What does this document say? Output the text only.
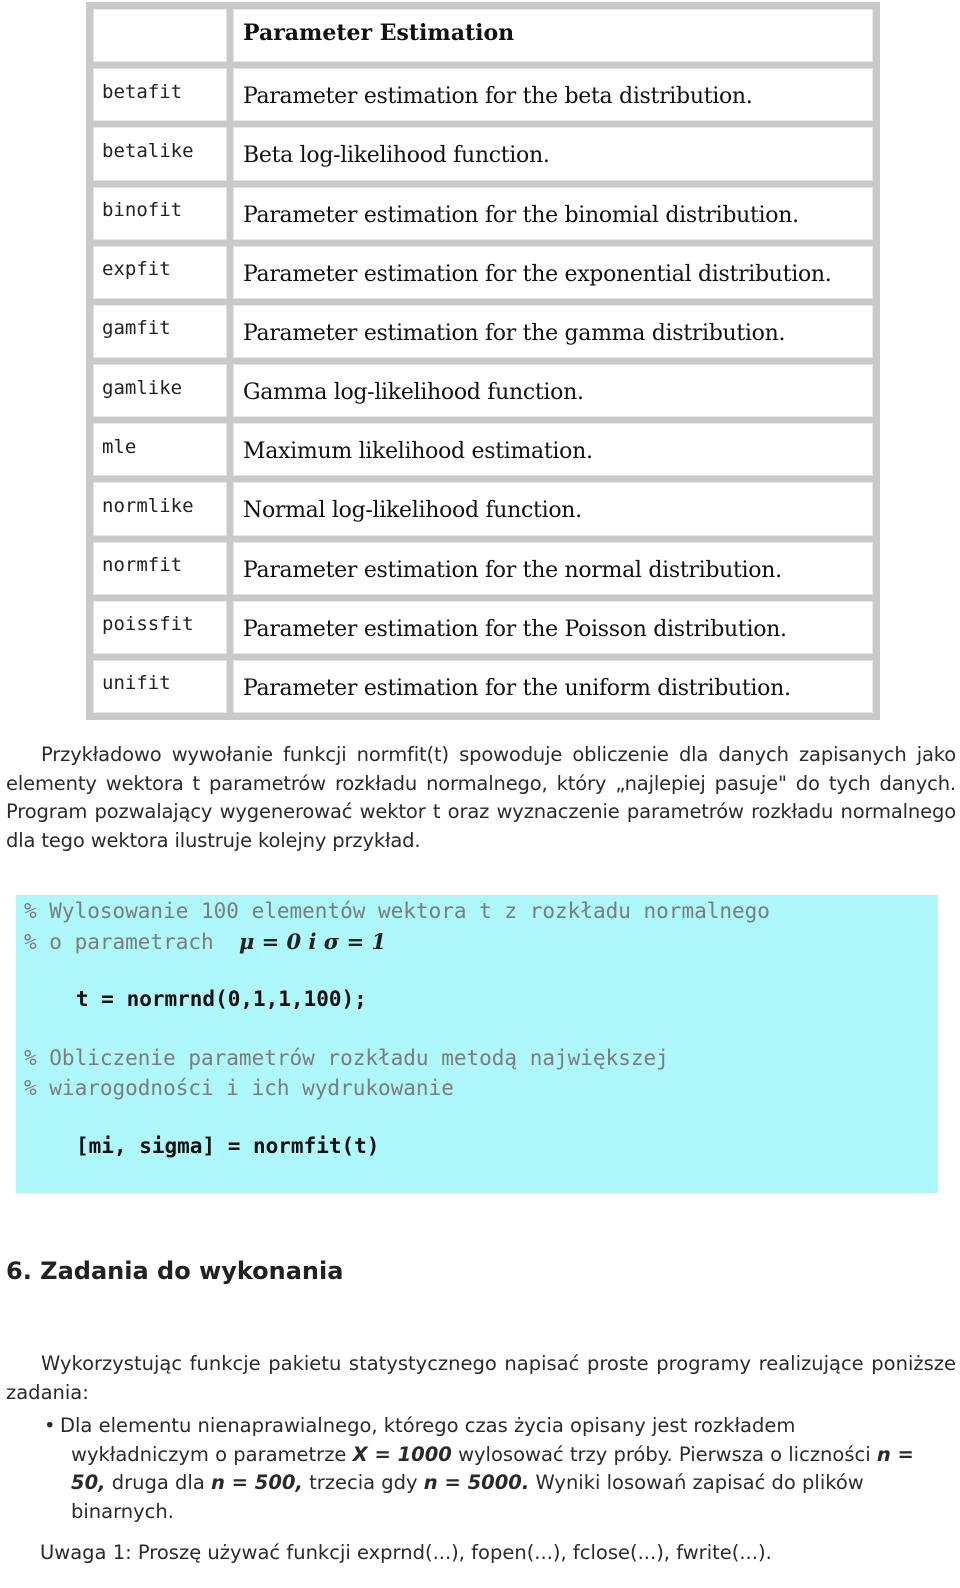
Parameter Estimation
betafit	Parameter estimation for the beta distribution.
betalike	Beta log-likelihood function.
binofit	Parameter estimation for the binomial distribution.
expfit	Parameter estimation for the exponential distribution.
gamfit	Parameter estimation for the gamma distribution.
gamlike	Gamma log-likelihood function.
mle	Maximum likelihood estimation.
normlike	Normal log-likelihood function.
normfit	Parameter estimation for the normal distribution.
poissfit	Parameter estimation for the Poisson distribution.
unifit	Parameter estimation for the uniform distribution.

Przykładowo wywołanie funkcji normfit(t) spowoduje obliczenie dla danych zapisanych jako elementy wektora t parametrów rozkładu normalnego, który „najlepiej pasuje" do tych danych. Program pozwalający wygenerować wektor t oraz wyznaczenie parametrów rozkładu normalnego dla tego wektora ilustruje kolejny przykład.

% Wylosowanie 100 elementów wektora t z rozkładu normalnego
% o parametrach  μ = 0 i σ = 1
t = normrnd(0,1,1,100);
% Obliczenie parametrów rozkładu metodą największej
% wiarogodności i ich wydrukowanie
[mi, sigma] = normfit(t)
6. Zadania do wykonania

Wykorzystując funkcje pakietu statystycznego napisać proste programy realizujące poniższe zadania:

• Dla elementu nienaprawialnego, którego czas życia opisany jest rozkładem wykładniczym o parametrze X = 1000 wylosować trzy próby. Pierwsza o liczności n = 50, druga dla n = 500, trzecia gdy n = 5000. Wyniki losowań zapisać do plików binarnych.

Uwaga 1: Proszę używać funkcji exprnd(...), fopen(...), fclose(...), fwrite(...).
